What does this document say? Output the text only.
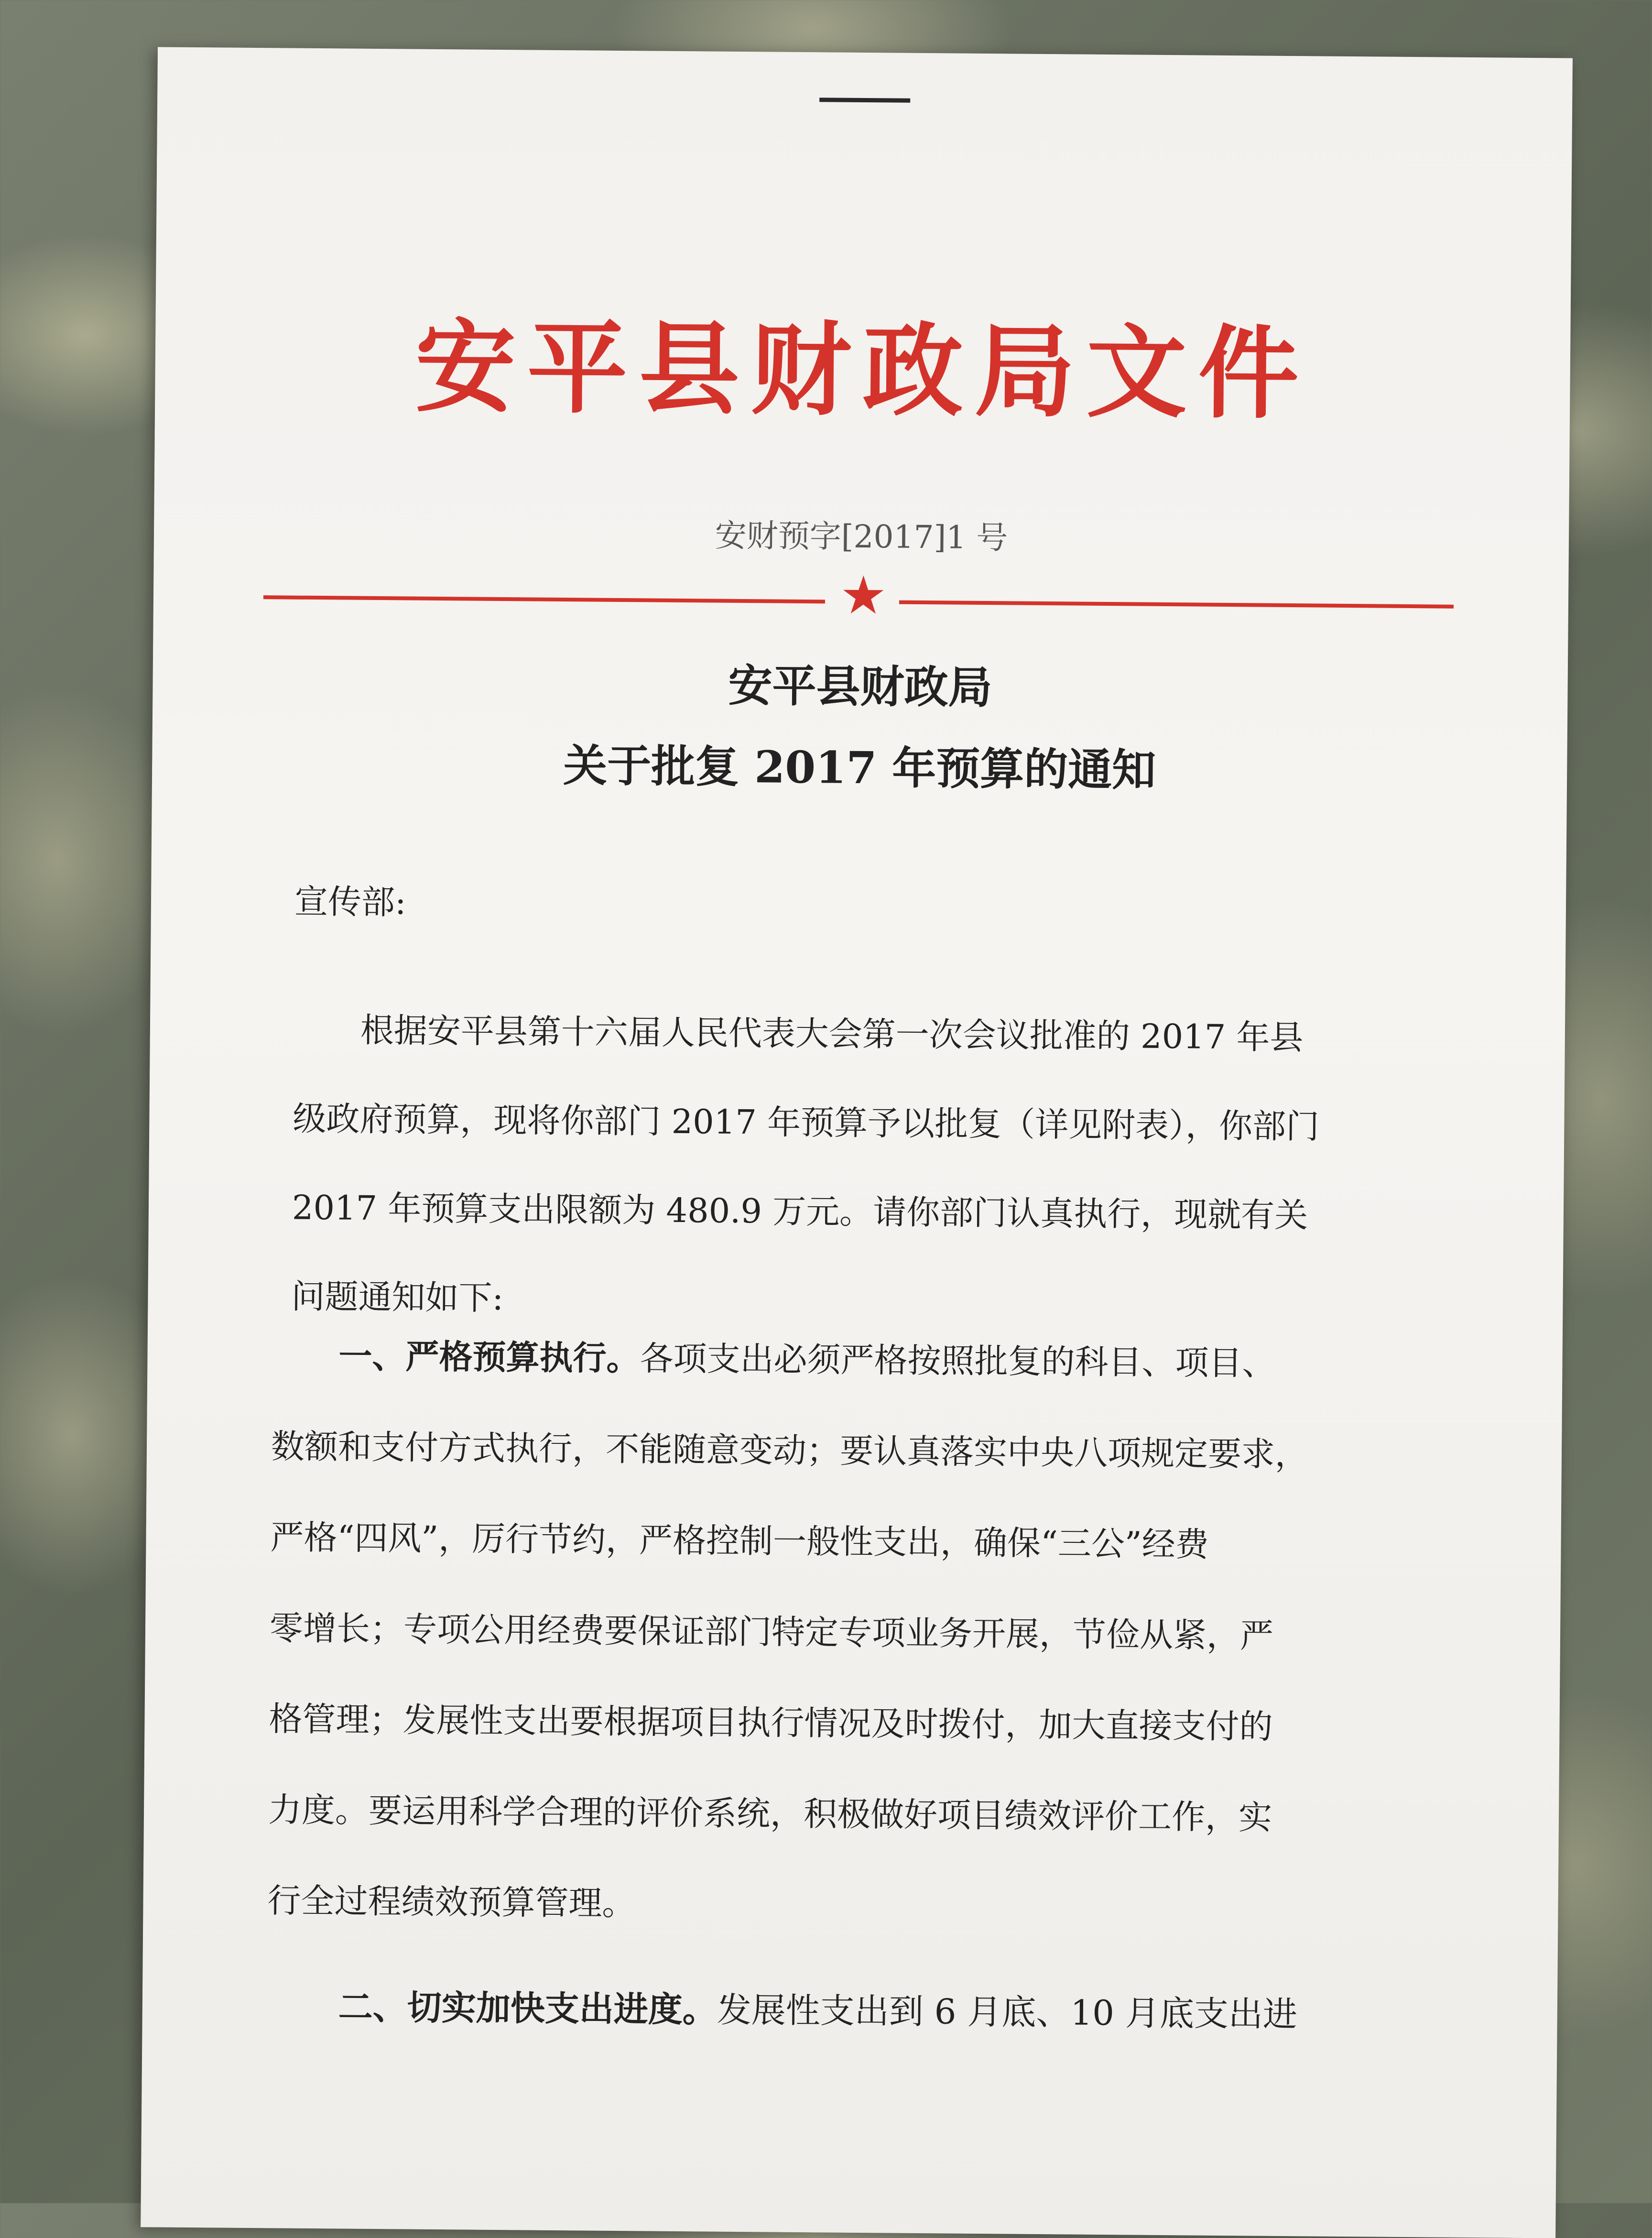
安平县财政局文件
安财预字[2017]1 号
★
安平县财政局
关于批复 2017 年预算的通知
宣传部:
根据安平县第十六届人民代表大会第一次会议批准的 2017 年县
级政府预算，现将你部门 2017 年预算予以批复（详见附表），你部门
2017 年预算支出限额为 480.9 万元。请你部门认真执行，现就有关
问题通知如下:
一、严格预算执行。各项支出必须严格按照批复的科目、项目、
数额和支付方式执行，不能随意变动；要认真落实中央八项规定要求，
严格“四风”，厉行节约，严格控制一般性支出，确保“三公”经费
零增长；专项公用经费要保证部门特定专项业务开展，节俭从紧，严
格管理；发展性支出要根据项目执行情况及时拨付，加大直接支付的
力度。要运用科学合理的评价系统，积极做好项目绩效评价工作，实
行全过程绩效预算管理。
二、切实加快支出进度。发展性支出到 6 月底、10 月底支出进
